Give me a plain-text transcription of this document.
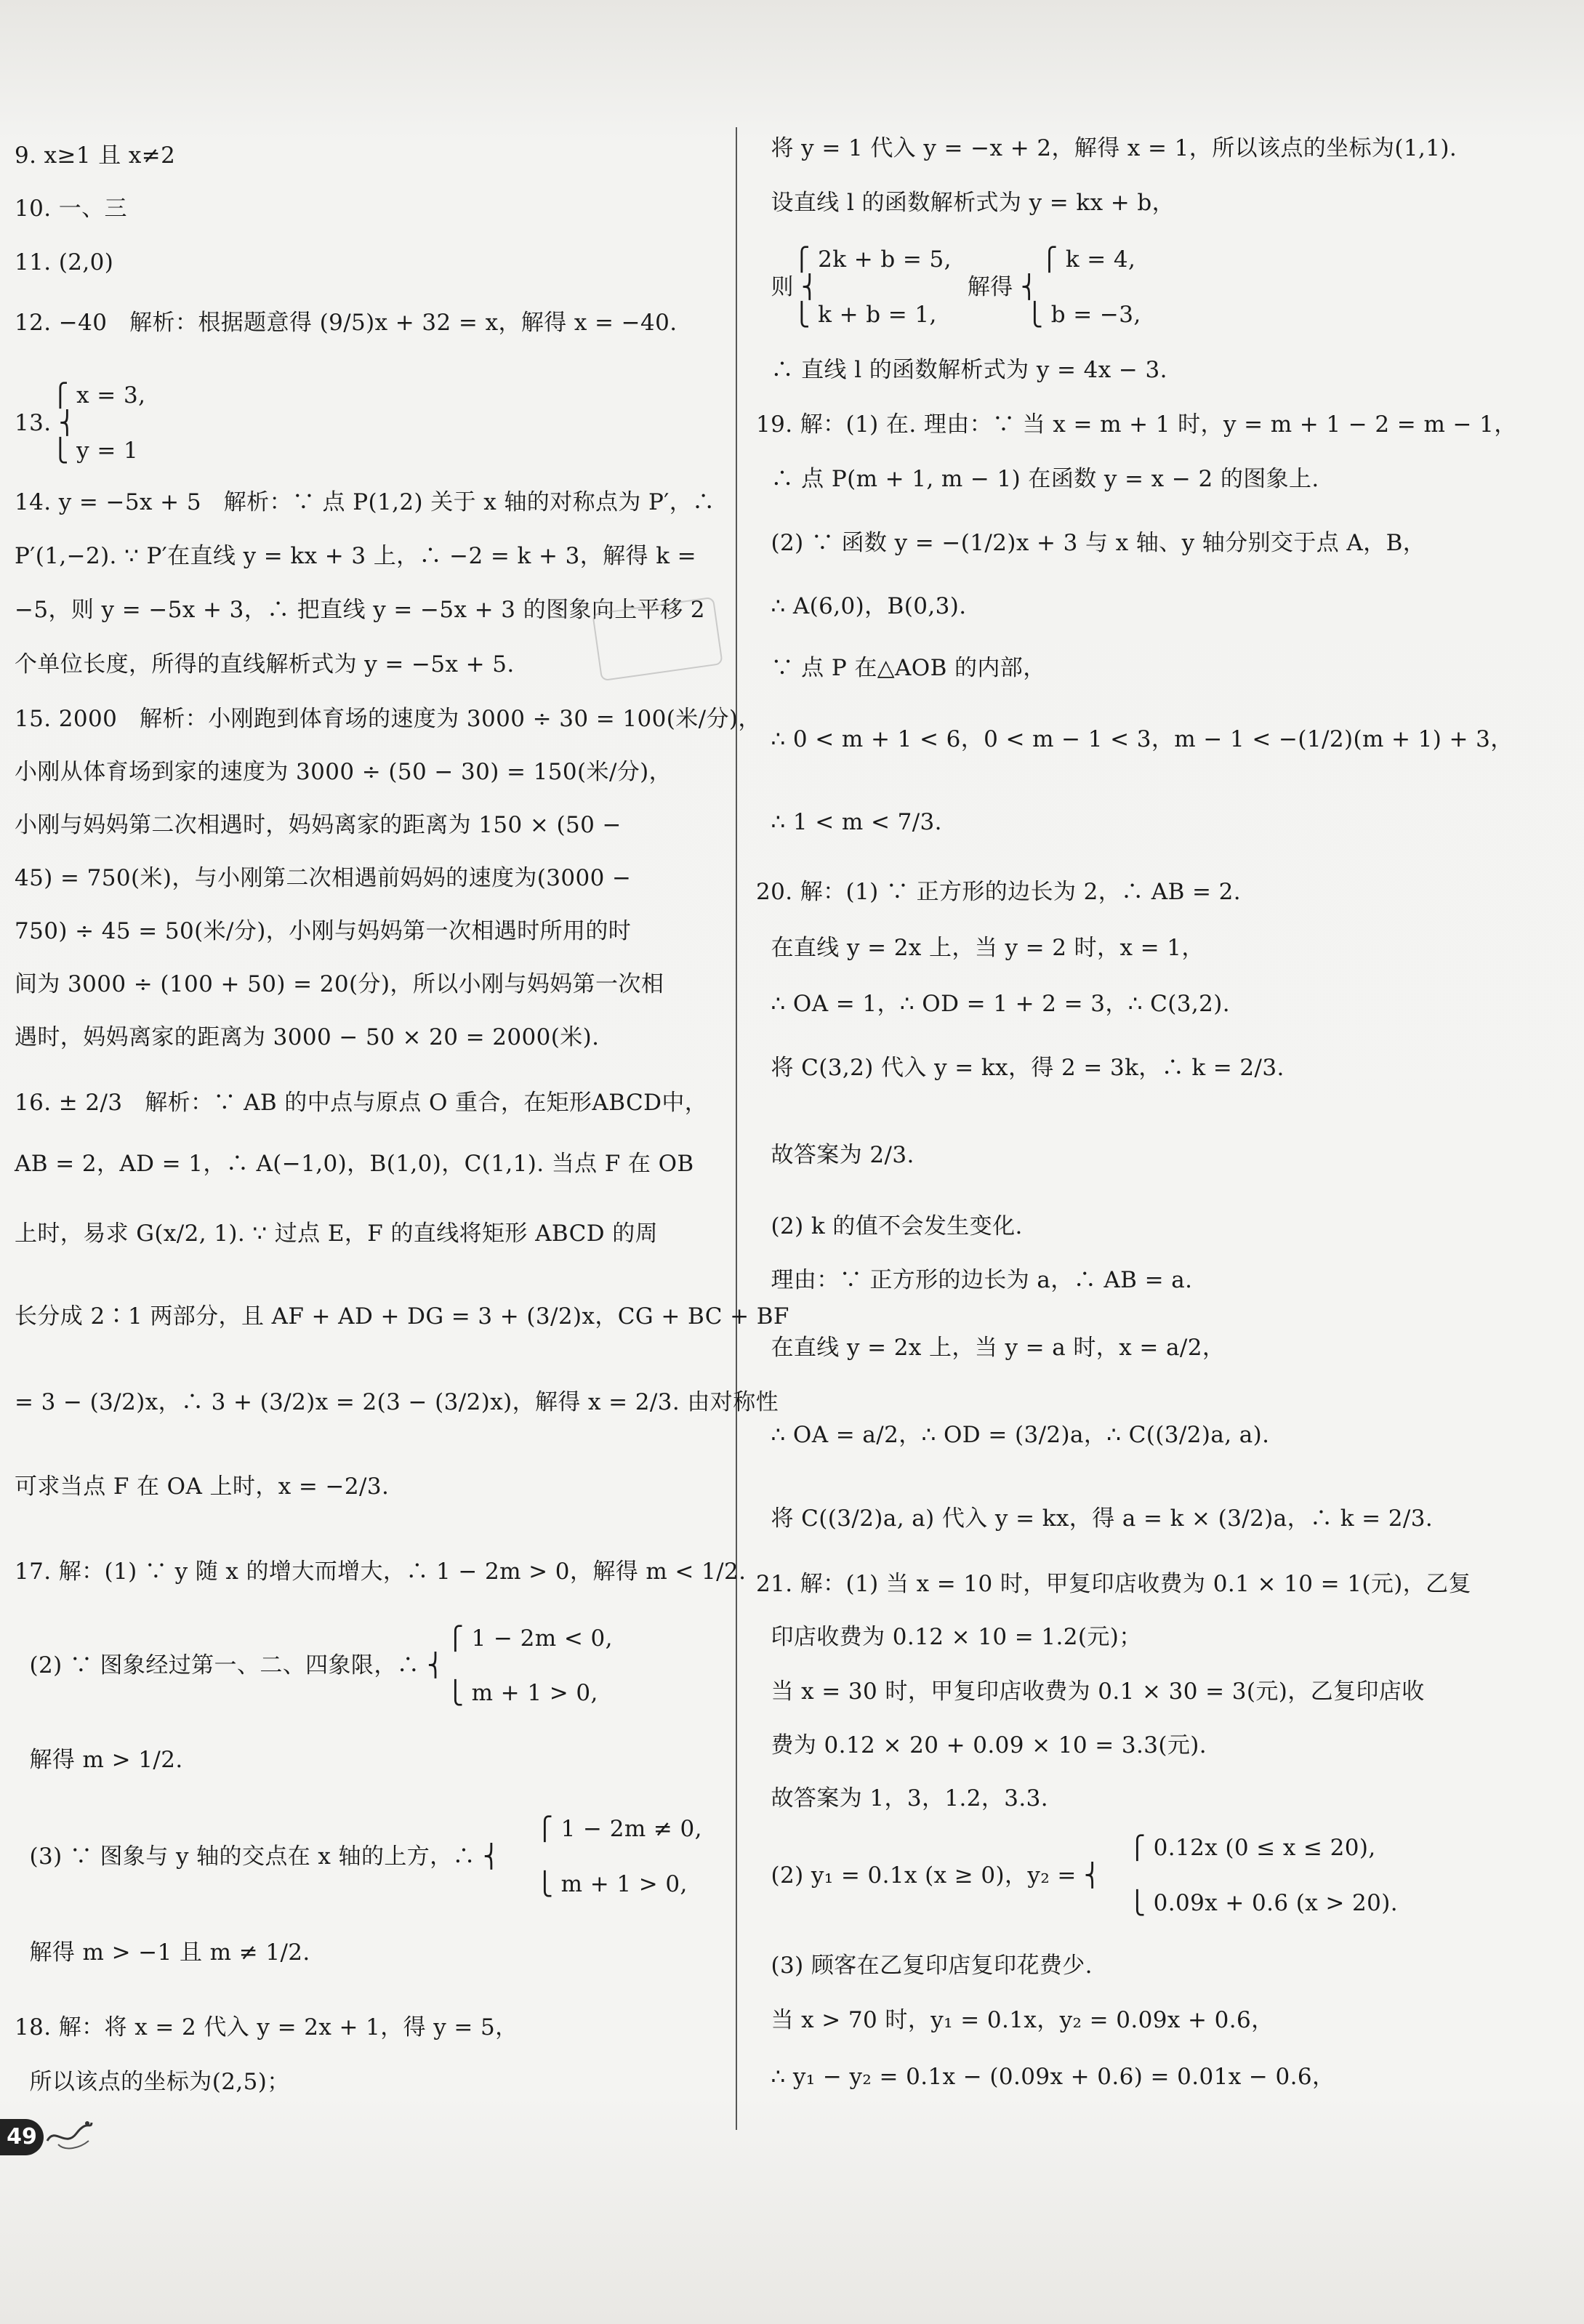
9. x≥1 且 x≠2
10. 一、三
11. (2,0)
12. −40   解析：根据题意得 (9/5)x + 32 = x，解得 x = −40.
⎧ x = 3,
13. ⎨
⎩ y = 1
14. y = −5x + 5   解析：∵ 点 P(1,2) 关于 x 轴的对称点为 P′，∴
P′(1,−2). ∵ P′在直线 y = kx + 3 上，∴ −2 = k + 3，解得 k =
−5，则 y = −5x + 3，∴ 把直线 y = −5x + 3 的图象向上平移 2
个单位长度，所得的直线解析式为 y = −5x + 5.
15. 2000   解析：小刚跑到体育场的速度为 3000 ÷ 30 = 100(米/分)，
小刚从体育场到家的速度为 3000 ÷ (50 − 30) = 150(米/分)，
小刚与妈妈第二次相遇时，妈妈离家的距离为 150 × (50 −
45) = 750(米)，与小刚第二次相遇前妈妈的速度为(3000 −
750) ÷ 45 = 50(米/分)，小刚与妈妈第一次相遇时所用的时
间为 3000 ÷ (100 + 50) = 20(分)，所以小刚与妈妈第一次相
遇时，妈妈离家的距离为 3000 − 50 × 20 = 2000(米).
16. ± 2/3   解析：∵ AB 的中点与原点 O 重合，在矩形ABCD中，
AB = 2，AD = 1，∴ A(−1,0)，B(1,0)，C(1,1). 当点 F 在 OB
上时，易求 G(x/2, 1). ∵ 过点 E，F 的直线将矩形 ABCD 的周
长分成 2∶1 两部分，且 AF + AD + DG = 3 + (3/2)x，CG + BC + BF
= 3 − (3/2)x，∴ 3 + (3/2)x = 2(3 − (3/2)x)，解得 x = 2/3. 由对称性
可求当点 F 在 OA 上时，x = −2/3.
17. 解：(1) ∵ y 随 x 的增大而增大，∴ 1 − 2m > 0，解得 m < 1/2.
⎧ 1 − 2m < 0,
(2) ∵ 图象经过第一、二、四象限，∴ ⎨
⎩ m + 1 > 0,
解得 m > 1/2.
⎧ 1 − 2m ≠ 0,
(3) ∵ 图象与 y 轴的交点在 x 轴的上方，∴ ⎨
⎩ m + 1 > 0,
解得 m > −1 且 m ≠ 1/2.
18. 解：将 x = 2 代入 y = 2x + 1，得 y = 5，
所以该点的坐标为(2,5)；
将 y = 1 代入 y = −x + 2，解得 x = 1，所以该点的坐标为(1,1).
设直线 l 的函数解析式为 y = kx + b，
⎧ 2k + b = 5,            ⎧ k = 4,
则 ⎨                    解得 ⎨
⎩ k + b = 1,            ⎩ b = −3,
∴ 直线 l 的函数解析式为 y = 4x − 3.
19. 解：(1) 在. 理由：∵ 当 x = m + 1 时，y = m + 1 − 2 = m − 1，
∴ 点 P(m + 1, m − 1) 在函数 y = x − 2 的图象上.
(2) ∵ 函数 y = −(1/2)x + 3 与 x 轴、y 轴分别交于点 A，B，
∴ A(6,0)，B(0,3).
∵ 点 P 在△AOB 的内部，
∴ 0 < m + 1 < 6，0 < m − 1 < 3，m − 1 < −(1/2)(m + 1) + 3，
∴ 1 < m < 7/3.
20. 解：(1) ∵ 正方形的边长为 2，∴ AB = 2.
在直线 y = 2x 上，当 y = 2 时，x = 1，
∴ OA = 1，∴ OD = 1 + 2 = 3，∴ C(3,2).
将 C(3,2) 代入 y = kx，得 2 = 3k，∴ k = 2/3.
故答案为 2/3.
(2) k 的值不会发生变化.
理由：∵ 正方形的边长为 a，∴ AB = a.
在直线 y = 2x 上，当 y = a 时，x = a/2，
∴ OA = a/2，∴ OD = (3/2)a，∴ C((3/2)a, a).
将 C((3/2)a, a) 代入 y = kx，得 a = k × (3/2)a，∴ k = 2/3.
21. 解：(1) 当 x = 10 时，甲复印店收费为 0.1 × 10 = 1(元)，乙复
印店收费为 0.12 × 10 = 1.2(元)；
当 x = 30 时，甲复印店收费为 0.1 × 30 = 3(元)，乙复印店收
费为 0.12 × 20 + 0.09 × 10 = 3.3(元).
故答案为 1，3，1.2，3.3.
⎧ 0.12x (0 ≤ x ≤ 20),
(2) y₁ = 0.1x (x ≥ 0)，y₂ = ⎨
⎩ 0.09x + 0.6 (x > 20).
(3) 顾客在乙复印店复印花费少.
当 x > 70 时，y₁ = 0.1x，y₂ = 0.09x + 0.6，
∴ y₁ − y₂ = 0.1x − (0.09x + 0.6) = 0.01x − 0.6，
49
